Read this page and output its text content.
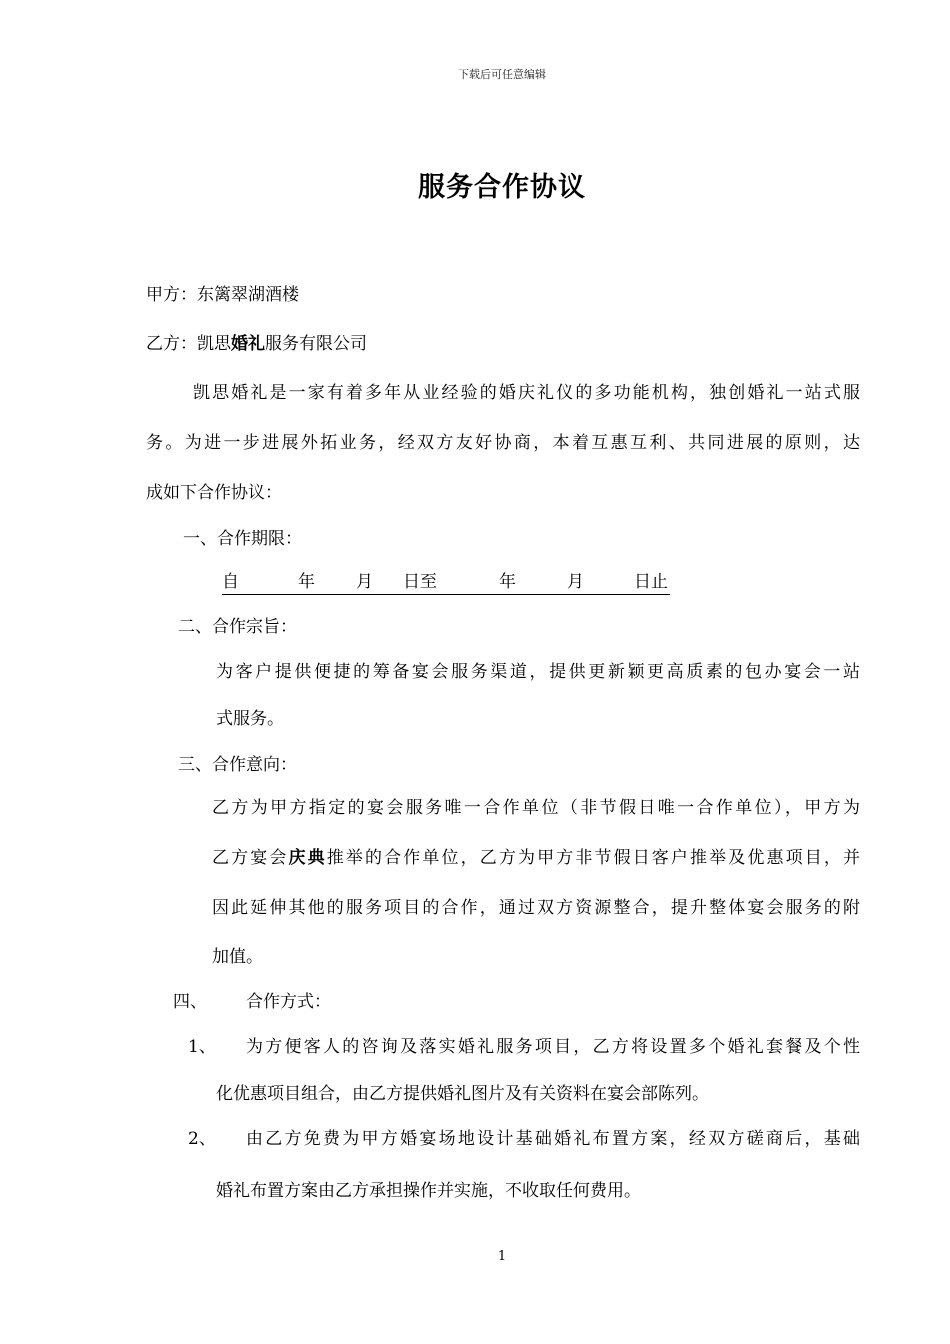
下载后可任意编辑
服务合作协议
甲方：东篱翠湖酒楼
乙方：凯思婚礼服务有限公司
凯思婚礼是一家有着多年从业经验的婚庆礼仪的多功能机构，独创婚礼一站式服
务。为进一步进展外拓业务，经双方友好协商，本着互惠互利、共同进展的原则，达
成如下合作协议：
一、合作期限：
自	年 月 日至	年	月	日止
二、合作宗旨：
为客户提供便捷的筹备宴会服务渠道，提供更新颖更高质素的包办宴会一站
式服务。
三、合作意向：
乙方为甲方指定的宴会服务唯一合作单位（非节假日唯一合作单位），甲方为
乙方宴会庆典推举的合作单位，乙方为甲方非节假日客户推举及优惠项目，并
因此延伸其他的服务项目的合作，通过双方资源整合，提升整体宴会服务的附
加值。
四、 合作方式：
1、 为方便客人的咨询及落实婚礼服务项目，乙方将设置多个婚礼套餐及个性
化优惠项目组合，由乙方提供婚礼图片及有关资料在宴会部陈列。
2、 由乙方免费为甲方婚宴场地设计基础婚礼布置方案，经双方磋商后，基础
婚礼布置方案由乙方承担操作并实施，不收取任何费用。
1
